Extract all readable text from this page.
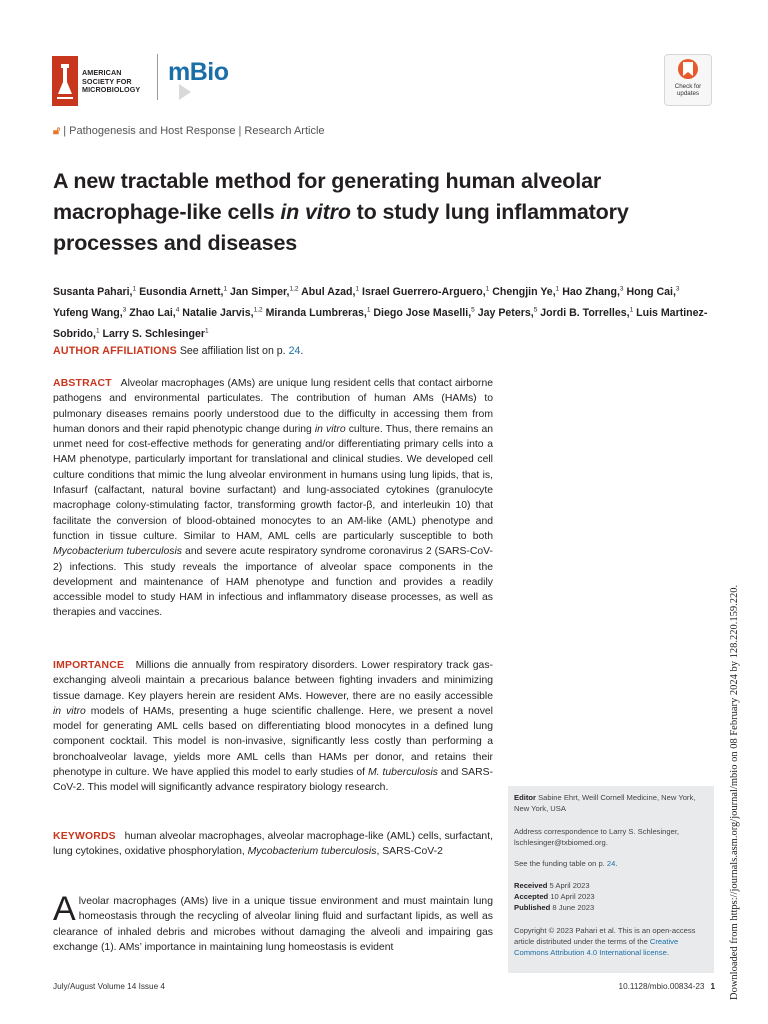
AMERICAN
SOCIETY FOR
MICROBIOLOGY
mBio
Check for
updates
🔓︎ | Pathogenesis and Host Response | Research Article
A new tractable method for generating human alveolar macrophage-like cells in vitro to study lung inflammatory processes and diseases
Susanta Pahari,$^1$ Eusondia Arnett,$^1$ Jan Simper,$^{1,2}$ Abul Azad,$^1$ Israel Guerrero-Arguero,$^1$ Chengjin Ye,$^1$ Hao Zhang,$^3$ Hong Cai,$^3$ Yufeng Wang,$^3$ Zhao Lai,$^4$ Natalie Jarvis,$^{1,2}$ Miranda Lumbreras,$^1$ Diego Jose Maselli,$^5$ Jay Peters,$^5$ Jordi B. Torrelles,$^1$ Luis Martinez-Sobrido,$^1$ Larry S. Schlesinger$^1$
AUTHOR AFFILIATIONS See affiliation list on p. 24.
ABSTRACT Alveolar macrophages (AMs) are unique lung resident cells that contact airborne pathogens and environmental particulates. The contribution of human AMs (HAMs) to pulmonary diseases remains poorly understood due to the difficulty in accessing them from human donors and their rapid phenotypic change during in vitro culture. Thus, there remains an unmet need for cost-effective methods for generating and/or differentiating primary cells into a HAM phenotype, particularly important for translational and clinical studies. We developed cell culture conditions that mimic the lung alveolar environment in humans using lung lipids, that is, Infasurf (calfactant, natural bovine surfactant) and lung-associated cytokines (granulocyte macrophage colony-stimulating factor, transforming growth factor-β, and interleukin 10) that facilitate the conversion of blood-obtained monocytes to an AM-like (AML) phenotype and function in tissue culture. Similar to HAM, AML cells are particularly susceptible to both Mycobacterium tuberculosis and severe acute respiratory syndrome coronavirus 2 (SARS-CoV-2) infections. This study reveals the importance of alveolar space components in the development and maintenance of HAM phenotype and function and provides a readily accessible model to study HAM in infectious and inflammatory disease processes, as well as therapies and vaccines.
IMPORTANCE Millions die annually from respiratory disorders. Lower respiratory track gas-exchanging alveoli maintain a precarious balance between fighting invaders and minimizing tissue damage. Key players herein are resident AMs. However, there are no easily accessible in vitro models of HAMs, presenting a huge scientific challenge. Here, we present a novel model for generating AML cells based on differentiating blood monocytes in a defined lung component cocktail. This model is non-invasive, significantly less costly than performing a bronchoalveolar lavage, yields more AML cells than HAMs per donor, and retains their phenotype in culture. We have applied this model to early studies of M. tuberculosis and SARS-CoV-2. This model will significantly advance respiratory biology research.
KEYWORDS human alveolar macrophages, alveolar macrophage-like (AML) cells, surfactant, lung cytokines, oxidative phosphorylation, Mycobacterium tuberculosis, SARS-CoV-2
Alveolar macrophages (AMs) live in a unique tissue environment and must maintain lung homeostasis through the recycling of alveolar lining fluid and surfactant lipids, as well as clearance of inhaled debris and microbes without damaging the alveoli and impairing gas exchange (1). AMs’ importance in maintaining lung homeostasis is evident
Editor Sabine Ehrt, Weill Cornell Medicine, New York, New York, USA
Address correspondence to Larry S. Schlesinger, lschlesinger@txbiomed.org.
See the funding table on p. 24.
Received 5 April 2023
Accepted 10 April 2023
Published 8 June 2023
Copyright © 2023 Pahari et al. This is an open-access article distributed under the terms of the Creative Commons Attribution 4.0 International license.	Downloaded from https://journals.asm.org/journal/mbio on 08 February 2024 by 128.220.159.220.
July/August Volume 14 Issue 4	10.1128/mbio.00834-23 1
